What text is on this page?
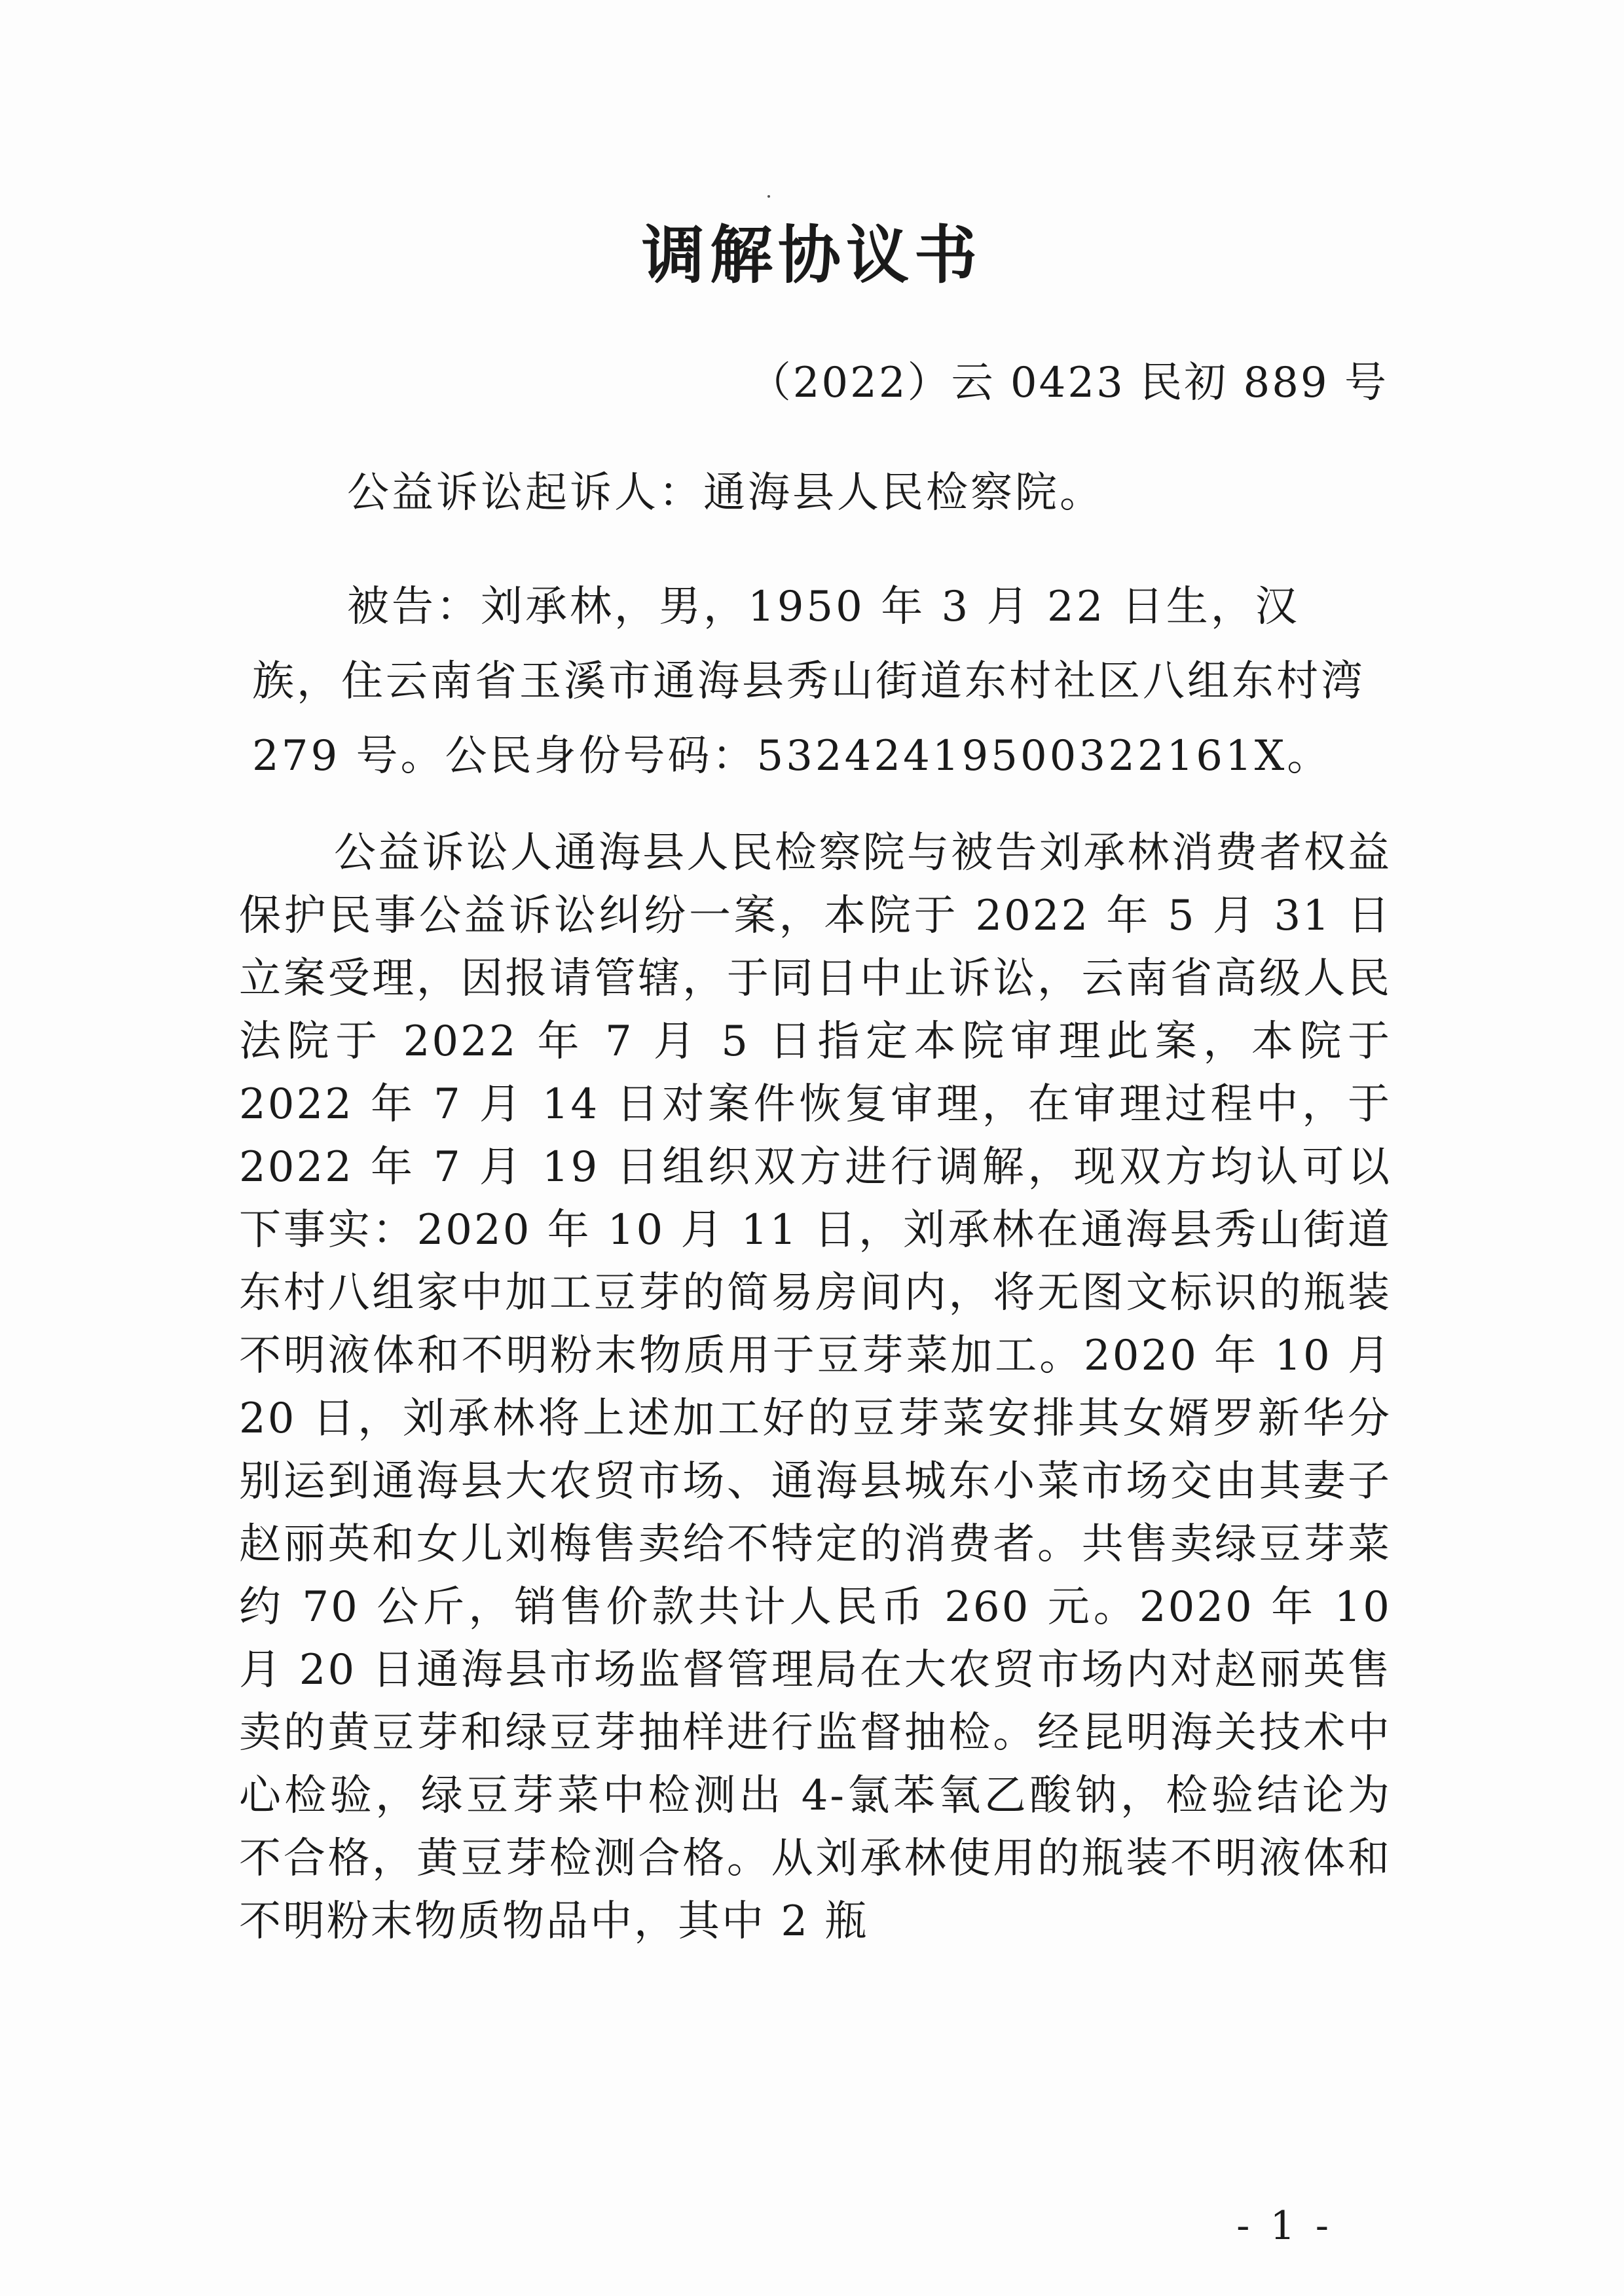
调解协议书
（2022）云 0423 民初 889 号
公益诉讼起诉人：通海县人民检察院。
被告：刘承林，男，1950 年 3 月 22 日生，汉族，住云南省玉溪市通海县秀山街道东村社区八组东村湾 279 号。公民身份号码：53242419500322161X。
公益诉讼人通海县人民检察院与被告刘承林消费者权益保护民事公益诉讼纠纷一案，本院于 2022 年 5 月 31 日立案受理，因报请管辖，于同日中止诉讼，云南省高级人民法院于 2022 年 7 月 5 日指定本院审理此案，本院于 2022 年 7 月 14 日对案件恢复审理，在审理过程中，于 2022 年 7 月 19 日组织双方进行调解，现双方均认可以下事实：2020 年 10 月 11 日，刘承林在通海县秀山街道东村八组家中加工豆芽的简易房间内，将无图文标识的瓶装不明液体和不明粉末物质用于豆芽菜加工。2020 年 10 月 20 日，刘承林将上述加工好的豆芽菜安排其女婿罗新华分别运到通海县大农贸市场、通海县城东小菜市场交由其妻子赵丽英和女儿刘梅售卖给不特定的消费者。共售卖绿豆芽菜约 70 公斤，销售价款共计人民币 260 元。2020 年 10 月 20 日通海县市场监督管理局在大农贸市场内对赵丽英售卖的黄豆芽和绿豆芽抽样进行监督抽检。经昆明海关技术中心检验，绿豆芽菜中检测出 4-氯苯氧乙酸钠，检验结论为不合格，黄豆芽检测合格。从刘承林使用的瓶装不明液体和不明粉末物质物品中，其中 2 瓶
- 1 -
